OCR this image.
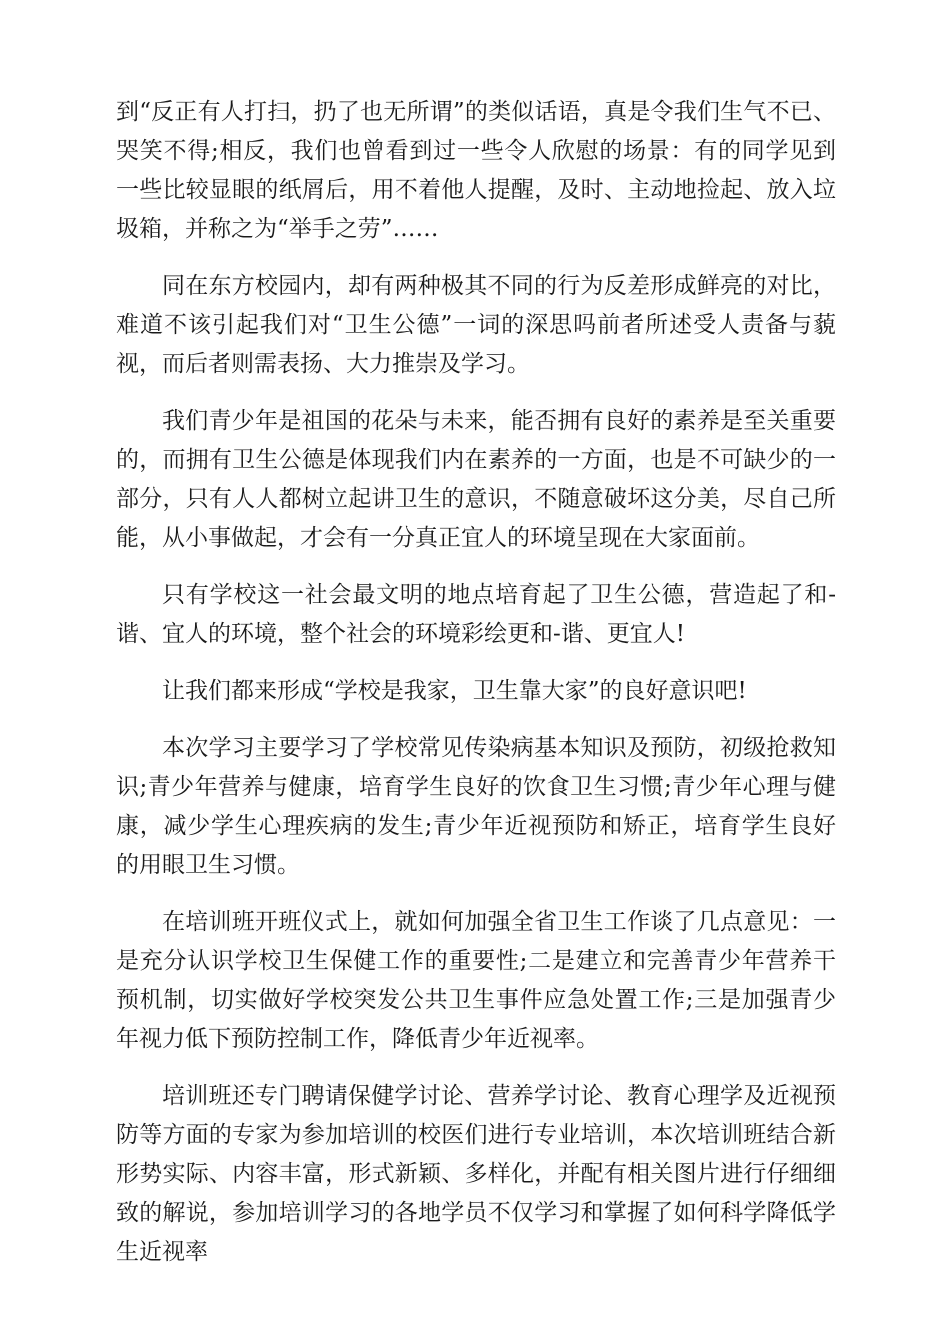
到“反正有人打扫，扔了也无所谓”的类似话语，真是令我们生气不已、哭笑不得;相反，我们也曾看到过一些令人欣慰的场景：有的同学见到一些比较显眼的纸屑后，用不着他人提醒，及时、主动地捡起、放入垃圾箱，并称之为“举手之劳”……

同在东方校园内，却有两种极其不同的行为反差形成鲜亮的对比，难道不该引起我们对“卫生公德”一词的深思吗前者所述受人责备与藐视，而后者则需表扬、大力推崇及学习。

我们青少年是祖国的花朵与未来，能否拥有良好的素养是至关重要的，而拥有卫生公德是体现我们内在素养的一方面，也是不可缺少的一部分，只有人人都树立起讲卫生的意识，不随意破坏这分美，尽自己所能，从小事做起，才会有一分真正宜人的环境呈现在大家面前。

只有学校这一社会最文明的地点培育起了卫生公德，营造起了和-谐、宜人的环境，整个社会的环境彩绘更和-谐、更宜人!

让我们都来形成“学校是我家，卫生靠大家”的良好意识吧!

本次学习主要学习了学校常见传染病基本知识及预防，初级抢救知识;青少年营养与健康，培育学生良好的饮食卫生习惯;青少年心理与健康，减少学生心理疾病的发生;青少年近视预防和矫正，培育学生良好的用眼卫生习惯。

在培训班开班仪式上，就如何加强全省卫生工作谈了几点意见：一是充分认识学校卫生保健工作的重要性;二是建立和完善青少年营养干预机制，切实做好学校突发公共卫生事件应急处置工作;三是加强青少年视力低下预防控制工作，降低青少年近视率。

培训班还专门聘请保健学讨论、营养学讨论、教育心理学及近视预防等方面的专家为参加培训的校医们进行专业培训，本次培训班结合新形势实际、内容丰富，形式新颖、多样化，并配有相关图片进行仔细细致的解说，参加培训学习的各地学员不仅学习和掌握了如何科学降低学生近视率
